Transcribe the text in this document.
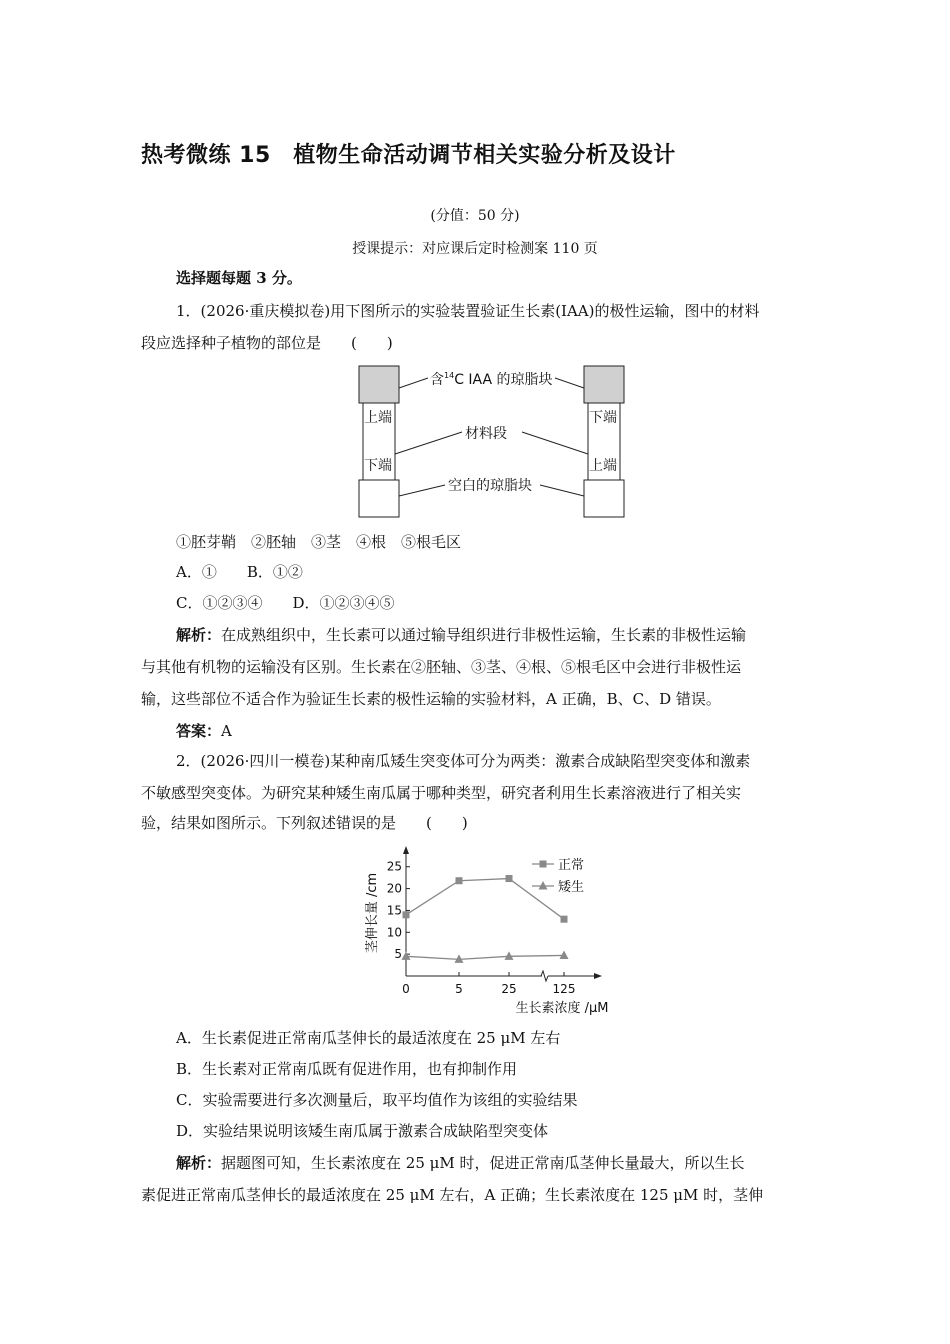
热考微练 15　植物生命活动调节相关实验分析及设计
(分值：50 分)
授课提示：对应课后定时检测案 110 页
选择题每题 3 分。
1．(2026·重庆模拟卷)用下图所示的实验装置验证生长素(IAA)的极性运输，图中的材料
段应选择种子植物的部位是　　(　　)
含$^{14}$C IAA 的琼脂块
材料段
空白的琼脂块
上端
下端
下端
上端
①胚芽鞘　②胚轴　③茎　④根　⑤根毛区
A．①　　B．①②
C．①②③④　　D．①②③④⑤
解析：在成熟组织中，生长素可以通过输导组织进行非极性运输，生长素的非极性运输
与其他有机物的运输没有区别。生长素在②胚轴、③茎、④根、⑤根毛区中会进行非极性运
输，这些部位不适合作为验证生长素的极性运输的实验材料，A 正确，B、C、D 错误。
答案：A
2．(2026·四川一模卷)某种南瓜矮生突变体可分为两类：激素合成缺陷型突变体和激素
不敏感型突变体。为研究某种矮生南瓜属于哪种类型，研究者利用生长素溶液进行了相关实
验，结果如图所示。下列叙述错误的是　　(　　)
5
10
15
20
25
0	5	25	125
茎伸长量 /cm
生长素浓度 /μM
正常
矮生
A．生长素促进正常南瓜茎伸长的最适浓度在 25 μM 左右
B．生长素对正常南瓜既有促进作用，也有抑制作用
C．实验需要进行多次测量后，取平均值作为该组的实验结果
D．实验结果说明该矮生南瓜属于激素合成缺陷型突变体
解析：据题图可知，生长素浓度在 25 μM 时，促进正常南瓜茎伸长量最大，所以生长
素促进正常南瓜茎伸长的最适浓度在 25 μM 左右，A 正确；生长素浓度在 125 μM 时，茎伸
